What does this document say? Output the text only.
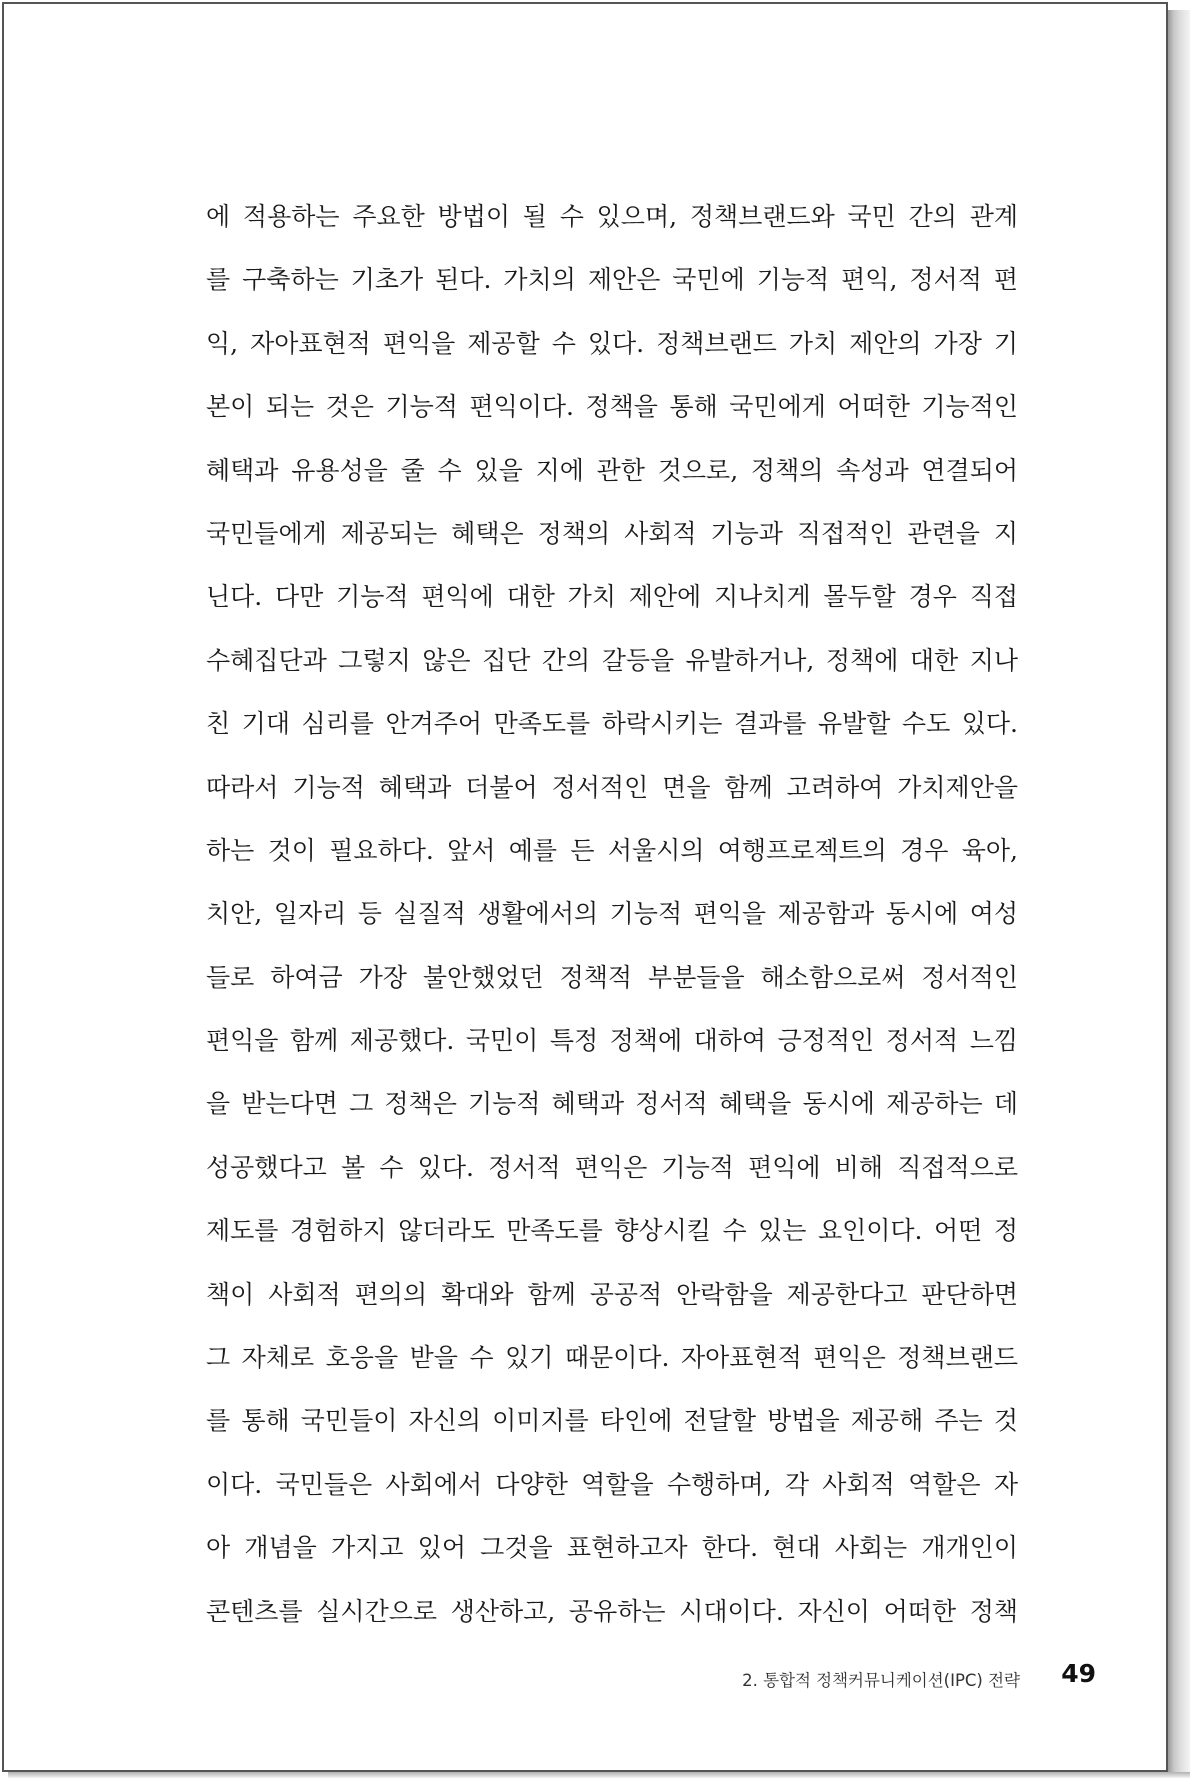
에 적용하는 주요한 방법이 될 수 있으며, 정책브랜드와 국민 간의 관계
를 구축하는 기초가 된다. 가치의 제안은 국민에 기능적 편익, 정서적 편
익, 자아표현적 편익을 제공할 수 있다. 정책브랜드 가치 제안의 가장 기
본이 되는 것은 기능적 편익이다. 정책을 통해 국민에게 어떠한 기능적인
혜택과 유용성을 줄 수 있을 지에 관한 것으로, 정책의 속성과 연결되어
국민들에게 제공되는 혜택은 정책의 사회적 기능과 직접적인 관련을 지
닌다. 다만 기능적 편익에 대한 가치 제안에 지나치게 몰두할 경우 직접
수혜집단과 그렇지 않은 집단 간의 갈등을 유발하거나, 정책에 대한 지나
친 기대 심리를 안겨주어 만족도를 하락시키는 결과를 유발할 수도 있다.
따라서 기능적 혜택과 더불어 정서적인 면을 함께 고려하여 가치제안을
하는 것이 필요하다. 앞서 예를 든 서울시의 여행프로젝트의 경우 육아,
치안, 일자리 등 실질적 생활에서의 기능적 편익을 제공함과 동시에 여성
들로 하여금 가장 불안했었던 정책적 부분들을 해소함으로써 정서적인
편익을 함께 제공했다. 국민이 특정 정책에 대하여 긍정적인 정서적 느낌
을 받는다면 그 정책은 기능적 혜택과 정서적 혜택을 동시에 제공하는 데
성공했다고 볼 수 있다. 정서적 편익은 기능적 편익에 비해 직접적으로
제도를 경험하지 않더라도 만족도를 향상시킬 수 있는 요인이다. 어떤 정
책이 사회적 편의의 확대와 함께 공공적 안락함을 제공한다고 판단하면
그 자체로 호응을 받을 수 있기 때문이다. 자아표현적 편익은 정책브랜드
를 통해 국민들이 자신의 이미지를 타인에 전달할 방법을 제공해 주는 것
이다. 국민들은 사회에서 다양한 역할을 수행하며, 각 사회적 역할은 자
아 개념을 가지고 있어 그것을 표현하고자 한다. 현대 사회는 개개인이
콘텐츠를 실시간으로 생산하고, 공유하는 시대이다. 자신이 어떠한 정책
2. 통합적 정책커뮤니케이션(IPC) 전략 49
